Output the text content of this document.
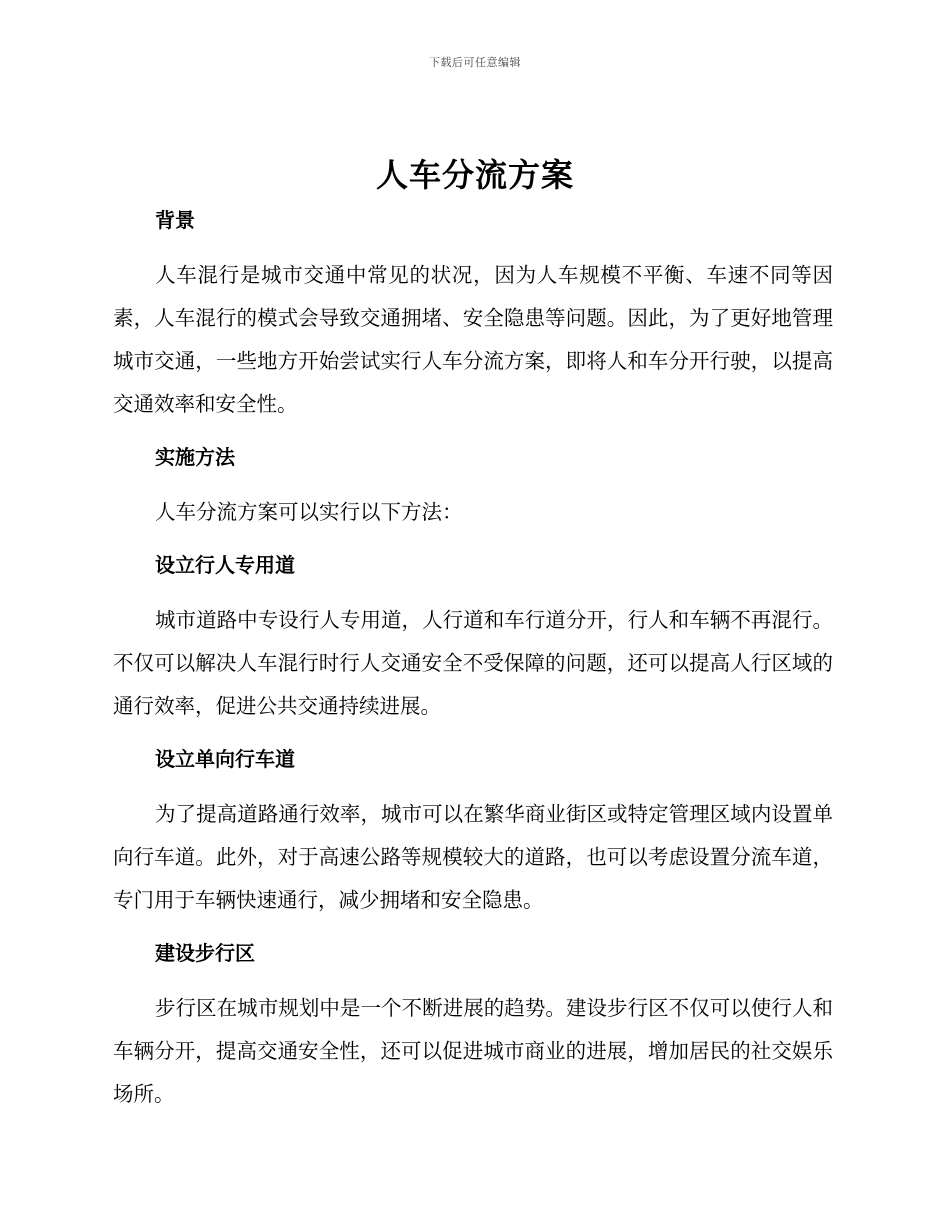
下载后可任意编辑
人车分流方案
背景

人车混行是城市交通中常见的状况，因为人车规模不平衡、车速不同等因素，人车混行的模式会导致交通拥堵、安全隐患等问题。因此，为了更好地管理城市交通，一些地方开始尝试实行人车分流方案，即将人和车分开行驶，以提高交通效率和安全性。

实施方法

人车分流方案可以实行以下方法：

设立行人专用道

城市道路中专设行人专用道，人行道和车行道分开，行人和车辆不再混行。不仅可以解决人车混行时行人交通安全不受保障的问题，还可以提高人行区域的通行效率，促进公共交通持续进展。

设立单向行车道

为了提高道路通行效率，城市可以在繁华商业街区或特定管理区域内设置单向行车道。此外，对于高速公路等规模较大的道路，也可以考虑设置分流车道，专门用于车辆快速通行，减少拥堵和安全隐患。

建设步行区

步行区在城市规划中是一个不断进展的趋势。建设步行区不仅可以使行人和车辆分开，提高交通安全性，还可以促进城市商业的进展，增加居民的社交娱乐场所。
